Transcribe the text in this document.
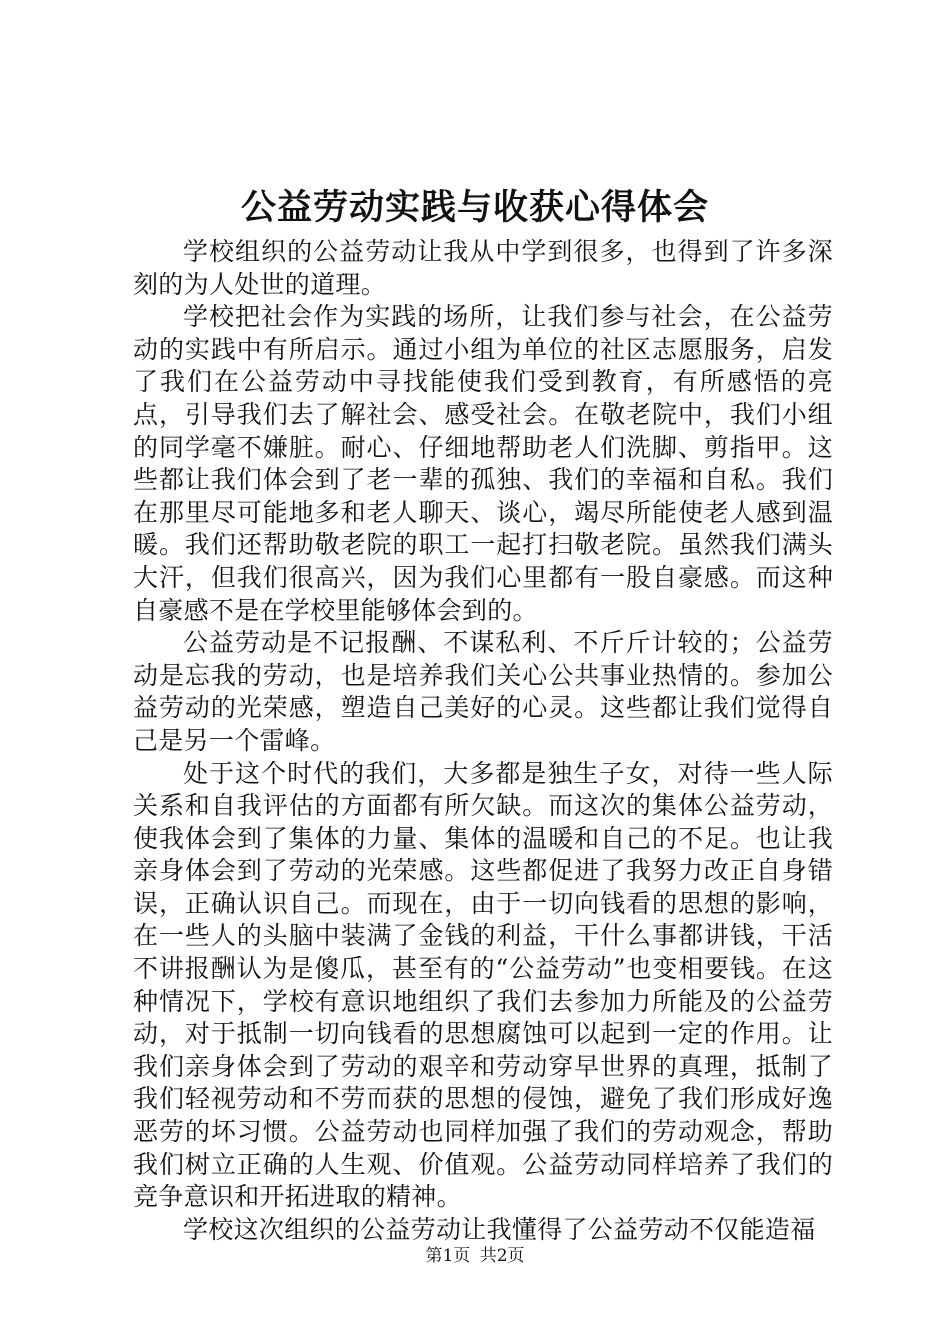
公益劳动实践与收获心得体会

学校组织的公益劳动让我从中学到很多，也得到了许多深刻的为人处世的道理。

学校把社会作为实践的场所，让我们参与社会，在公益劳动的实践中有所启示。通过小组为单位的社区志愿服务，启发了我们在公益劳动中寻找能使我们受到教育，有所感悟的亮点，引导我们去了解社会、感受社会。在敬老院中，我们小组的同学毫不嫌脏。耐心、仔细地帮助老人们洗脚、剪指甲。这些都让我们体会到了老一辈的孤独、我们的幸福和自私。我们在那里尽可能地多和老人聊天、谈心，竭尽所能使老人感到温暖。我们还帮助敬老院的职工一起打扫敬老院。虽然我们满头大汗，但我们很高兴，因为我们心里都有一股自豪感。而这种自豪感不是在学校里能够体会到的。

公益劳动是不记报酬、不谋私利、不斤斤计较的；公益劳动是忘我的劳动，也是培养我们关心公共事业热情的。参加公益劳动的光荣感，塑造自己美好的心灵。这些都让我们觉得自己是另一个雷峰。

处于这个时代的我们，大多都是独生子女，对待一些人际关系和自我评估的方面都有所欠缺。而这次的集体公益劳动，使我体会到了集体的力量、集体的温暖和自己的不足。也让我亲身体会到了劳动的光荣感。这些都促进了我努力改正自身错误，正确认识自己。而现在，由于一切向钱看的思想的影响，在一些人的头脑中装满了金钱的利益，干什么事都讲钱，干活不讲报酬认为是傻瓜，甚至有的“公益劳动”也变相要钱。在这种情况下，学校有意识地组织了我们去参加力所能及的公益劳动，对于抵制一切向钱看的思想腐蚀可以起到一定的作用。让我们亲身体会到了劳动的艰辛和劳动穿早世界的真理，抵制了我们轻视劳动和不劳而获的思想的侵蚀，避免了我们形成好逸恶劳的坏习惯。公益劳动也同样加强了我们的劳动观念，帮助我们树立正确的人生观、价值观。公益劳动同样培养了我们的竞争意识和开拓进取的精神。

学校这次组织的公益劳动让我懂得了公益劳动不仅能造福

第1页 共2页
